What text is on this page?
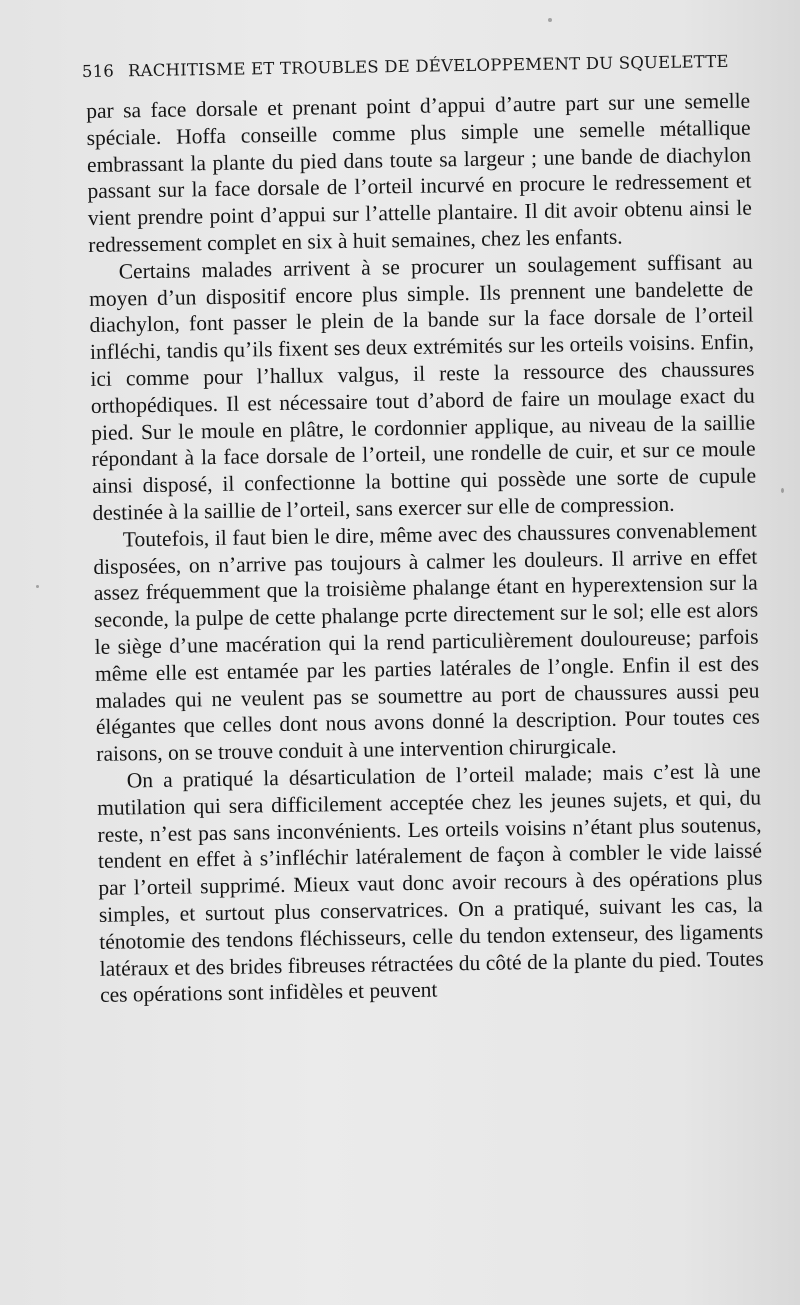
516 RACHITISME ET TROUBLES DE DÉVELOPPEMENT DU SQUELETTE

par sa face dorsale et prenant point d’appui d’autre part sur une semelle spéciale. Hoffa conseille comme plus simple une semelle métallique embrassant la plante du pied dans toute sa largeur ; une bande de diachylon passant sur la face dorsale de l’orteil incurvé en procure le redressement et vient prendre point d’appui sur l’attelle plantaire. Il dit avoir obtenu ainsi le redressement complet en six à huit semaines, chez les enfants.

Certains malades arrivent à se procurer un soulagement suffisant au moyen d’un dispositif encore plus simple. Ils prennent une bandelette de diachylon, font passer le plein de la bande sur la face dorsale de l’orteil infléchi, tandis qu’ils fixent ses deux extrémités sur les orteils voisins. Enfin, ici comme pour l’hallux valgus, il reste la ressource des chaussures orthopédiques. Il est nécessaire tout d’abord de faire un moulage exact du pied. Sur le moule en plâtre, le cordonnier applique, au niveau de la saillie répondant à la face dorsale de l’orteil, une rondelle de cuir, et sur ce moule ainsi disposé, il confectionne la bottine qui possède une sorte de cupule destinée à la saillie de l’orteil, sans exercer sur elle de compression.

Toutefois, il faut bien le dire, même avec des chaussures convenablement disposées, on n’arrive pas toujours à calmer les douleurs. Il arrive en effet assez fréquemment que la troisième phalange étant en hyperextension sur la seconde, la pulpe de cette phalange pcrte directement sur le sol; elle est alors le siège d’une macération qui la rend particulièrement douloureuse; parfois même elle est entamée par les parties latérales de l’ongle. Enfin il est des malades qui ne veulent pas se soumettre au port de chaussures aussi peu élégantes que celles dont nous avons donné la description. Pour toutes ces raisons, on se trouve conduit à une intervention chirurgicale.

On a pratiqué la désarticulation de l’orteil malade; mais c’est là une mutilation qui sera difficilement acceptée chez les jeunes sujets, et qui, du reste, n’est pas sans inconvénients. Les orteils voisins n’étant plus soutenus, tendent en effet à s’infléchir latéralement de façon à combler le vide laissé par l’orteil supprimé. Mieux vaut donc avoir recours à des opérations plus simples, et surtout plus conservatrices. On a pratiqué, suivant les cas, la ténotomie des tendons fléchisseurs, celle du tendon extenseur, des ligaments latéraux et des brides fibreuses rétractées du côté de la plante du pied. Toutes ces opérations sont infidèles et peuvent
